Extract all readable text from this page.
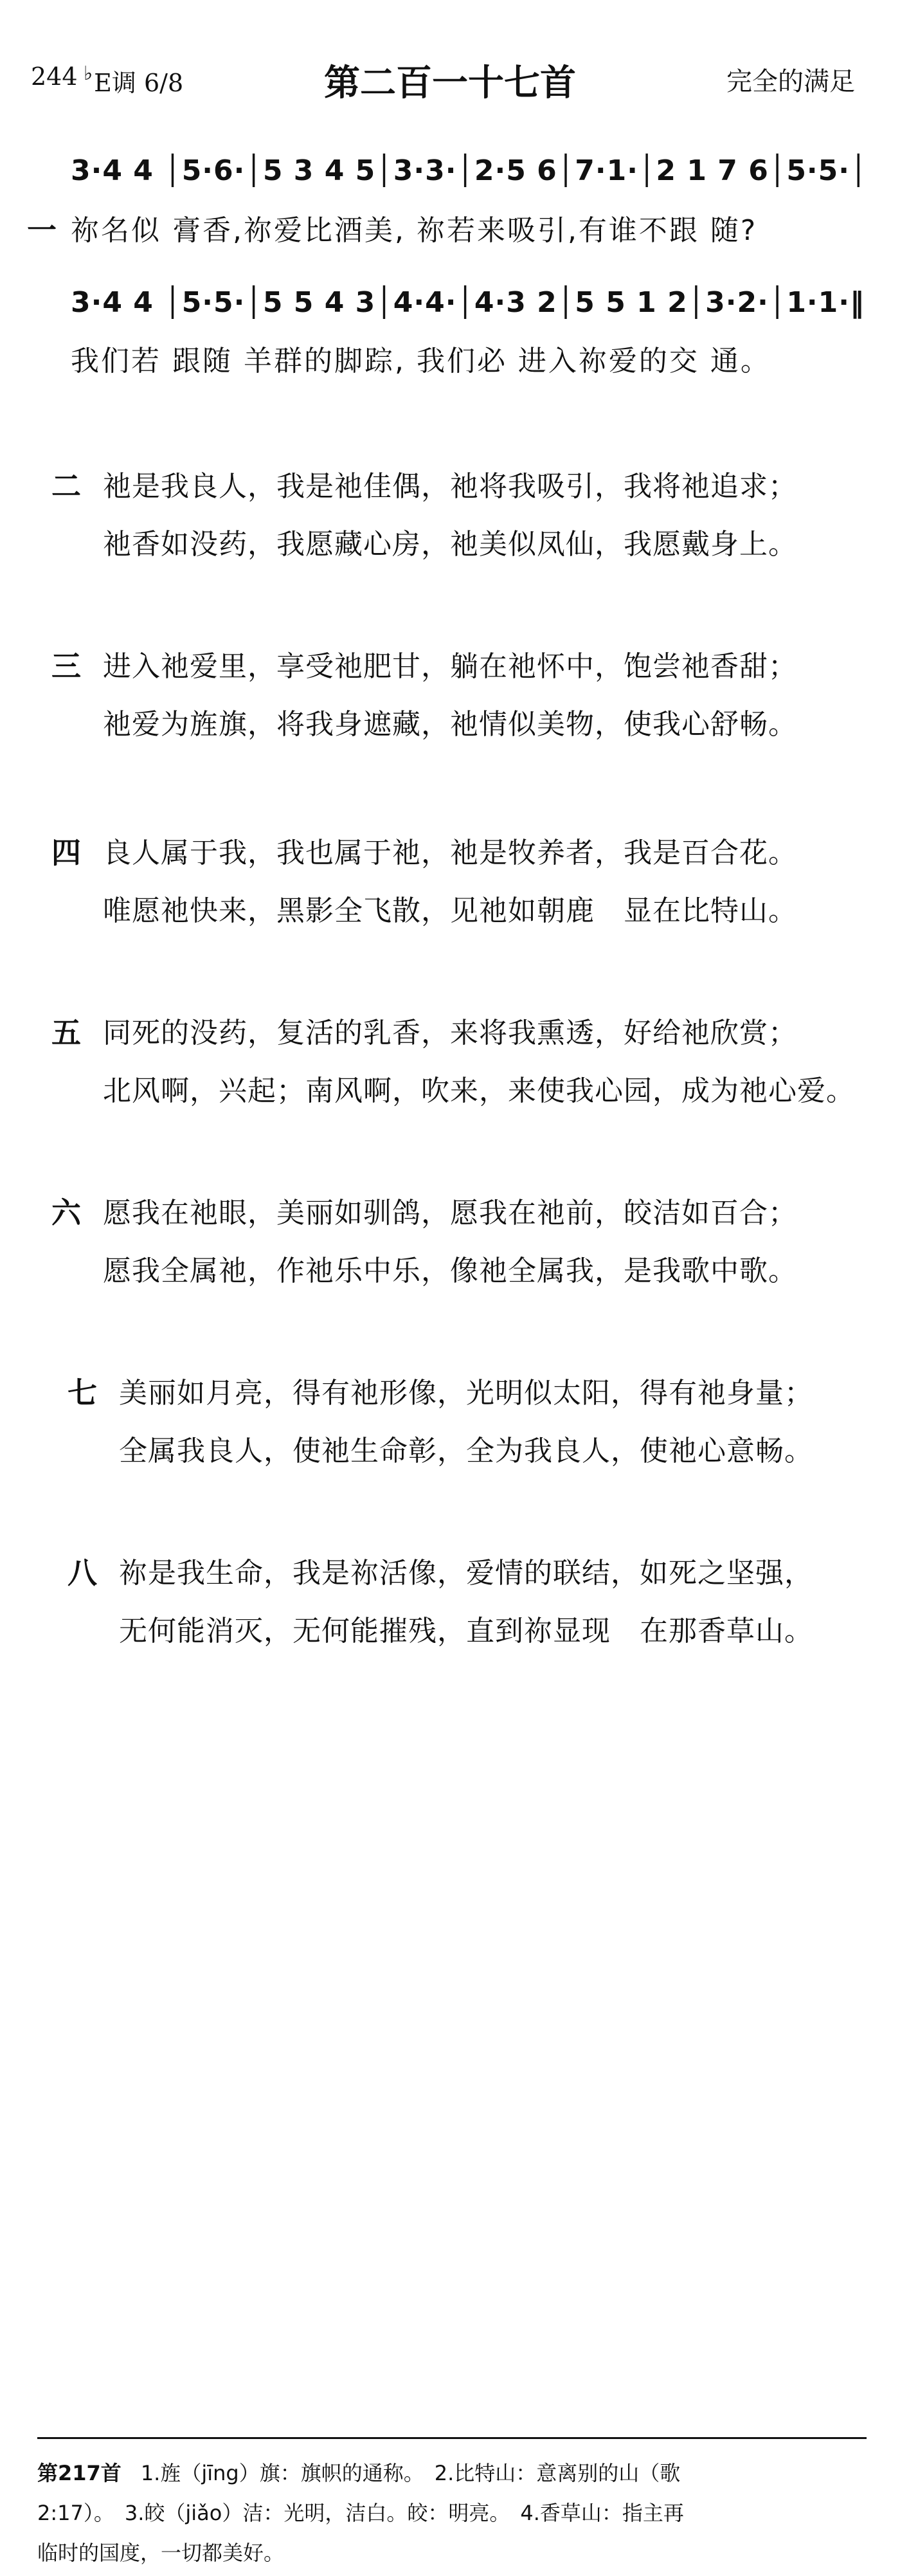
244 ♭E调 6/8	第二百一十七首	完全的满足
3·4 4 │5·6·│5 3 4 5│3·3·│2·5 6│7·1·│2 1 7 6│5·5·│
一 祢名似 膏香,祢爱比酒美, 祢若来吸引,有谁不跟 随?
3·4 4 │5·5·│5 5 4 3│4·4·│4·3 2│5 5 1 2│3·2·│1·1·‖
我们若 跟随 羊群的脚踪, 我们必 进入祢爱的交 通。
二 祂是我良人，我是祂佳偶，祂将我吸引，我将祂追求；
祂香如没药，我愿藏心房，祂美似凤仙，我愿戴身上。
三 进入祂爱里，享受祂肥甘，躺在祂怀中，饱尝祂香甜；
祂爱为旌旗，将我身遮藏，祂情似美物，使我心舒畅。
四 良人属于我，我也属于祂，祂是牧养者，我是百合花。
唯愿祂快来，黑影全飞散，见祂如朝鹿　显在比特山。
五 同死的没药，复活的乳香，来将我熏透，好给祂欣赏；
北风啊，兴起；南风啊，吹来，来使我心园，成为祂心爱。
六 愿我在祂眼，美丽如驯鸽，愿我在祂前，皎洁如百合；
愿我全属祂，作祂乐中乐，像祂全属我，是我歌中歌。
七 美丽如月亮，得有祂形像，光明似太阳，得有祂身量；
全属我良人，使祂生命彰，全为我良人，使祂心意畅。
八 祢是我生命，我是祢活像，爱情的联结，如死之坚强，
无何能消灭，无何能摧残，直到祢显现　在那香草山。
第217首 1.旌（jīng）旗：旗帜的通称。　2.比特山：意离别的山（歌
2:17）。　3.皎（jiǎo）洁：光明，洁白。皎：明亮。　4.香草山：指主再
临时的国度，一切都美好。
